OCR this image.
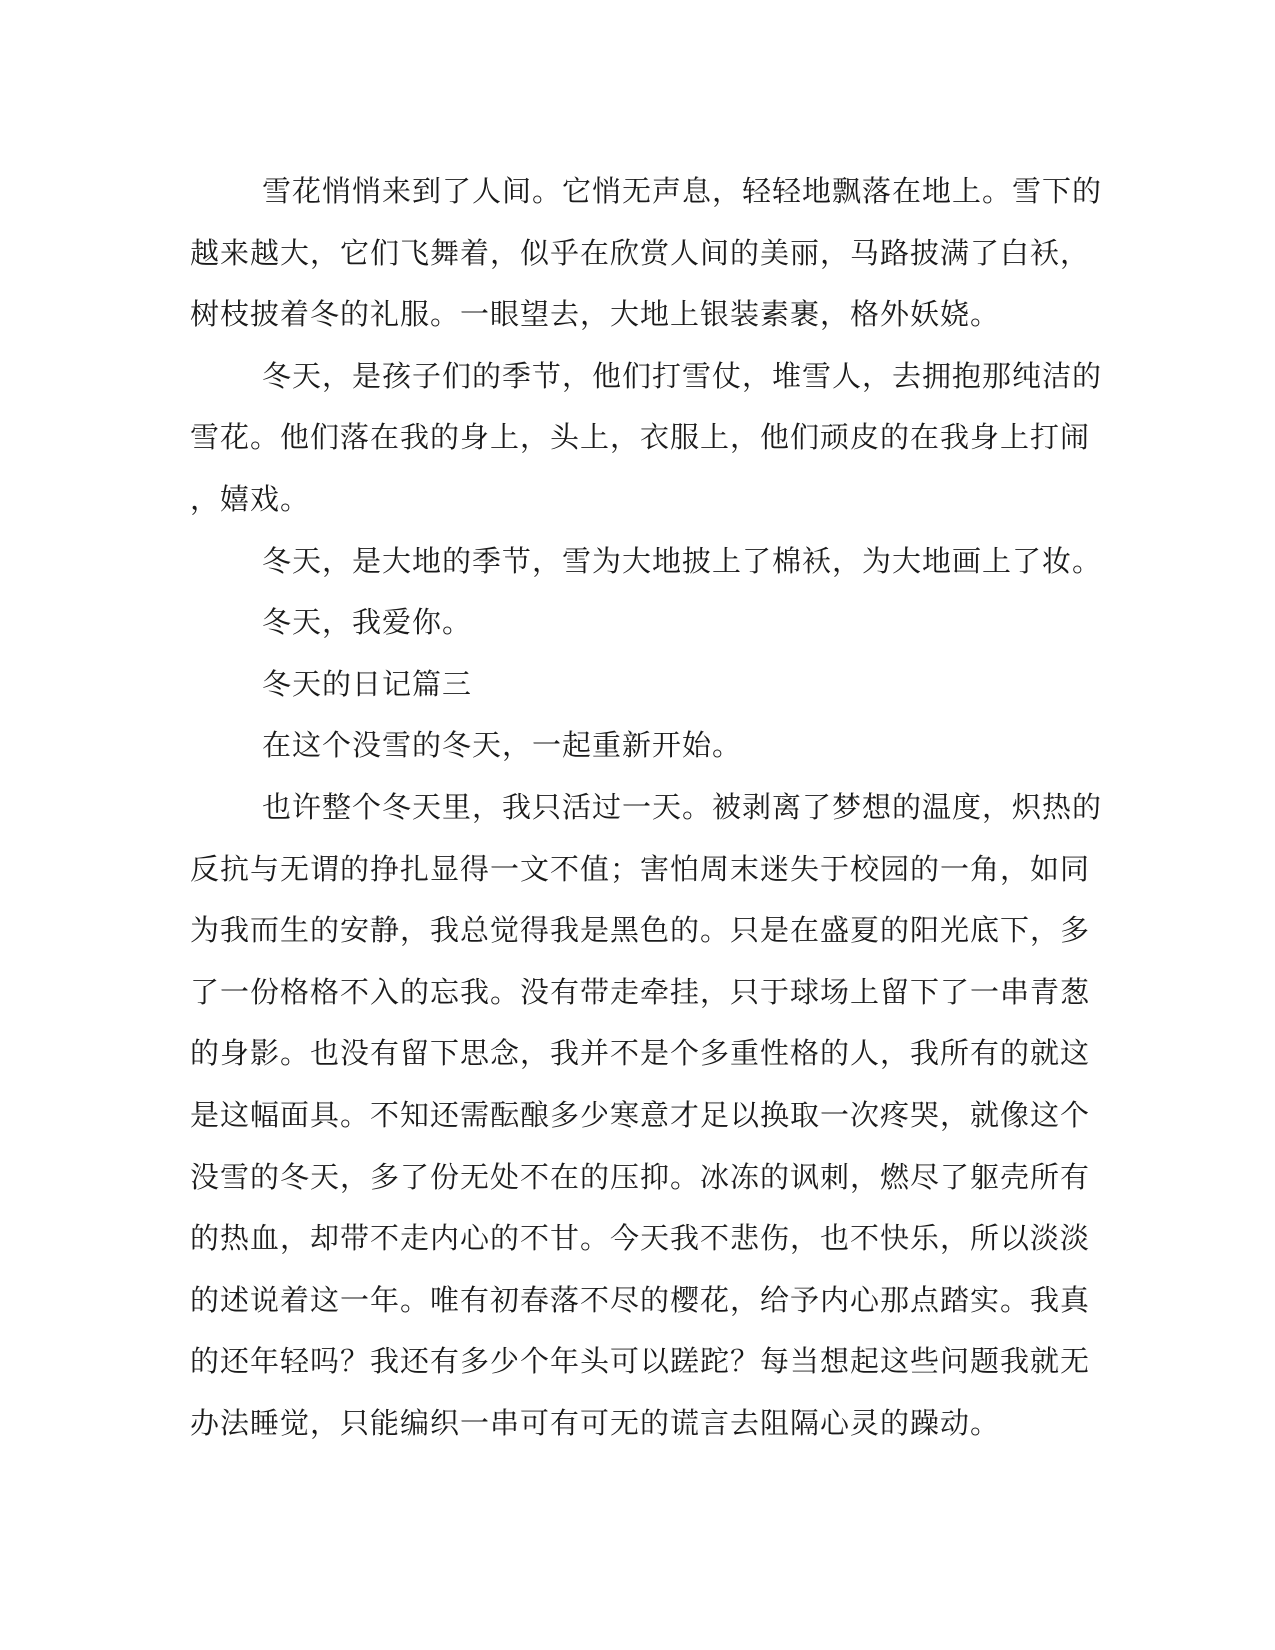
雪花悄悄来到了人间。它悄无声息，轻轻地飘落在地上。雪下的
越来越大，它们飞舞着，似乎在欣赏人间的美丽，马路披满了白袄，
树枝披着冬的礼服。一眼望去，大地上银装素裹，格外妖娆。
冬天，是孩子们的季节，他们打雪仗，堆雪人，去拥抱那纯洁的
雪花。他们落在我的身上，头上，衣服上，他们顽皮的在我身上打闹
，嬉戏。
冬天，是大地的季节，雪为大地披上了棉袄，为大地画上了妆。
冬天，我爱你。
冬天的日记篇三
在这个没雪的冬天，一起重新开始。
也许整个冬天里，我只活过一天。被剥离了梦想的温度，炽热的
反抗与无谓的挣扎显得一文不值；害怕周末迷失于校园的一角，如同
为我而生的安静，我总觉得我是黑色的。只是在盛夏的阳光底下，多
了一份格格不入的忘我。没有带走牵挂，只于球场上留下了一串青葱
的身影。也没有留下思念，我并不是个多重性格的人，我所有的就这
是这幅面具。不知还需酝酿多少寒意才足以换取一次疼哭，就像这个
没雪的冬天，多了份无处不在的压抑。冰冻的讽刺，燃尽了躯壳所有
的热血，却带不走内心的不甘。今天我不悲伤，也不快乐，所以淡淡
的述说着这一年。唯有初春落不尽的樱花，给予内心那点踏实。我真
的还年轻吗？我还有多少个年头可以蹉跎？每当想起这些问题我就无
办法睡觉，只能编织一串可有可无的谎言去阻隔心灵的躁动。
